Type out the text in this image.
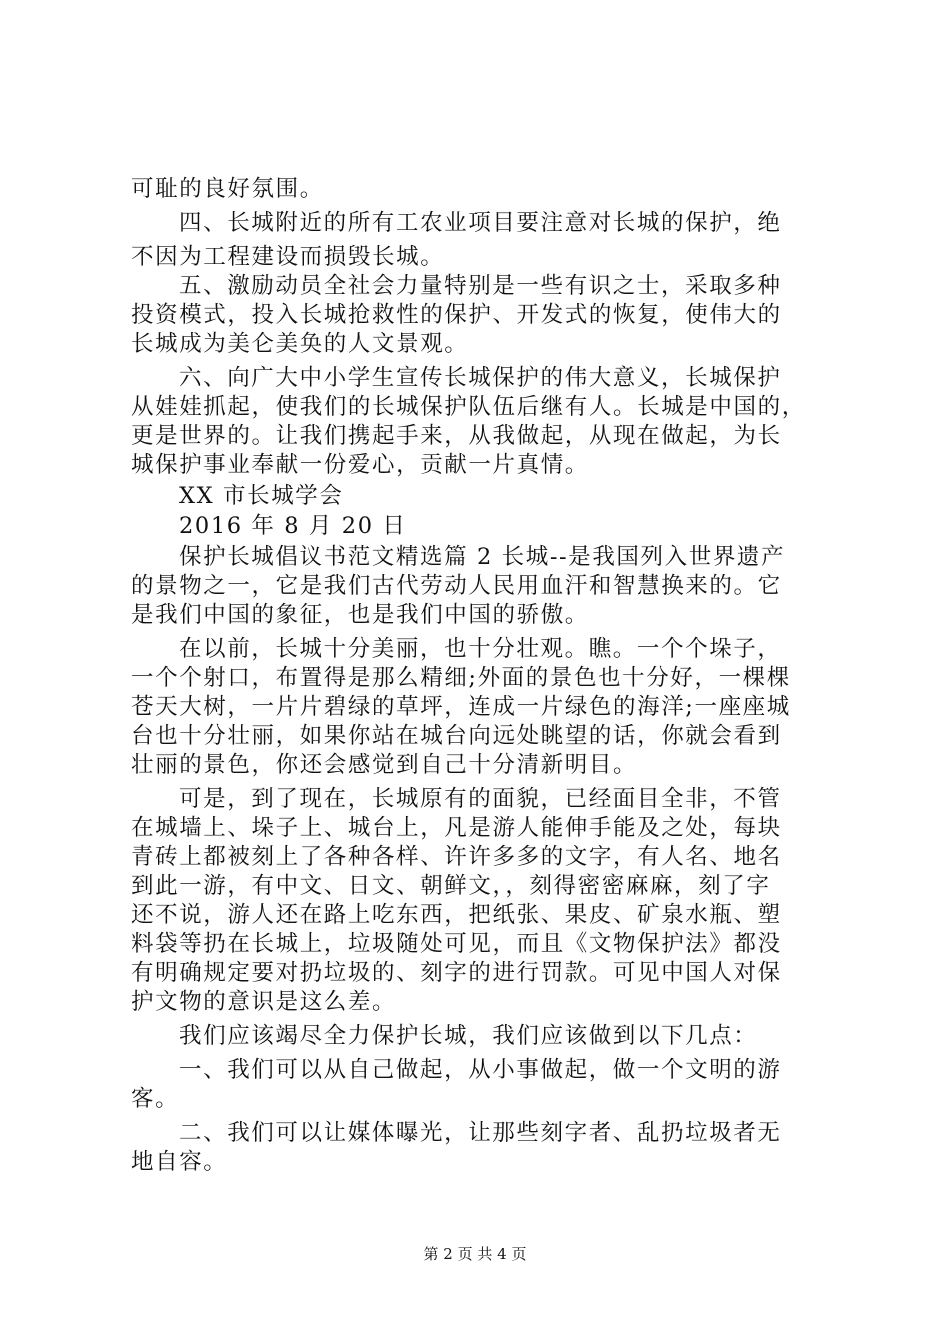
可耻的良好氛围。
四、长城附近的所有工农业项目要注意对长城的保护，绝
不因为工程建设而损毁长城。
五、激励动员全社会力量特别是一些有识之士，采取多种
投资模式，投入长城抢救性的保护、开发式的恢复，使伟大的
长城成为美仑美奂的人文景观。
六、向广大中小学生宣传长城保护的伟大意义，长城保护
从娃娃抓起，使我们的长城保护队伍后继有人。长城是中国的，
更是世界的。让我们携起手来，从我做起，从现在做起，为长
城保护事业奉献一份爱心，贡献一片真情。
XX 市长城学会
2016 年 8 月 20 日
保护长城倡议书范文精选篇 2 长城--是我国列入世界遗产
的景物之一，它是我们古代劳动人民用血汗和智慧换来的。它
是我们中国的象征，也是我们中国的骄傲。
在以前，长城十分美丽，也十分壮观。瞧。一个个垛子，
一个个射口，布置得是那么精细;外面的景色也十分好，一棵棵
苍天大树，一片片碧绿的草坪，连成一片绿色的海洋;一座座城
台也十分壮丽，如果你站在城台向远处眺望的话，你就会看到
壮丽的景色，你还会感觉到自己十分清新明目。
可是，到了现在，长城原有的面貌，已经面目全非，不管
在城墙上、垛子上、城台上，凡是游人能伸手能及之处，每块
青砖上都被刻上了各种各样、许许多多的文字，有人名、地名
到此一游，有中文、日文、朝鲜文，，刻得密密麻麻，刻了字
还不说，游人还在路上吃东西，把纸张、果皮、矿泉水瓶、塑
料袋等扔在长城上，垃圾随处可见，而且《文物保护法》都没
有明确规定要对扔垃圾的、刻字的进行罚款。可见中国人对保
护文物的意识是这么差。
我们应该竭尽全力保护长城，我们应该做到以下几点：
一、我们可以从自己做起，从小事做起，做一个文明的游
客。
二、我们可以让媒体曝光，让那些刻字者、乱扔垃圾者无
地自容。
第 2 页 共 4 页
